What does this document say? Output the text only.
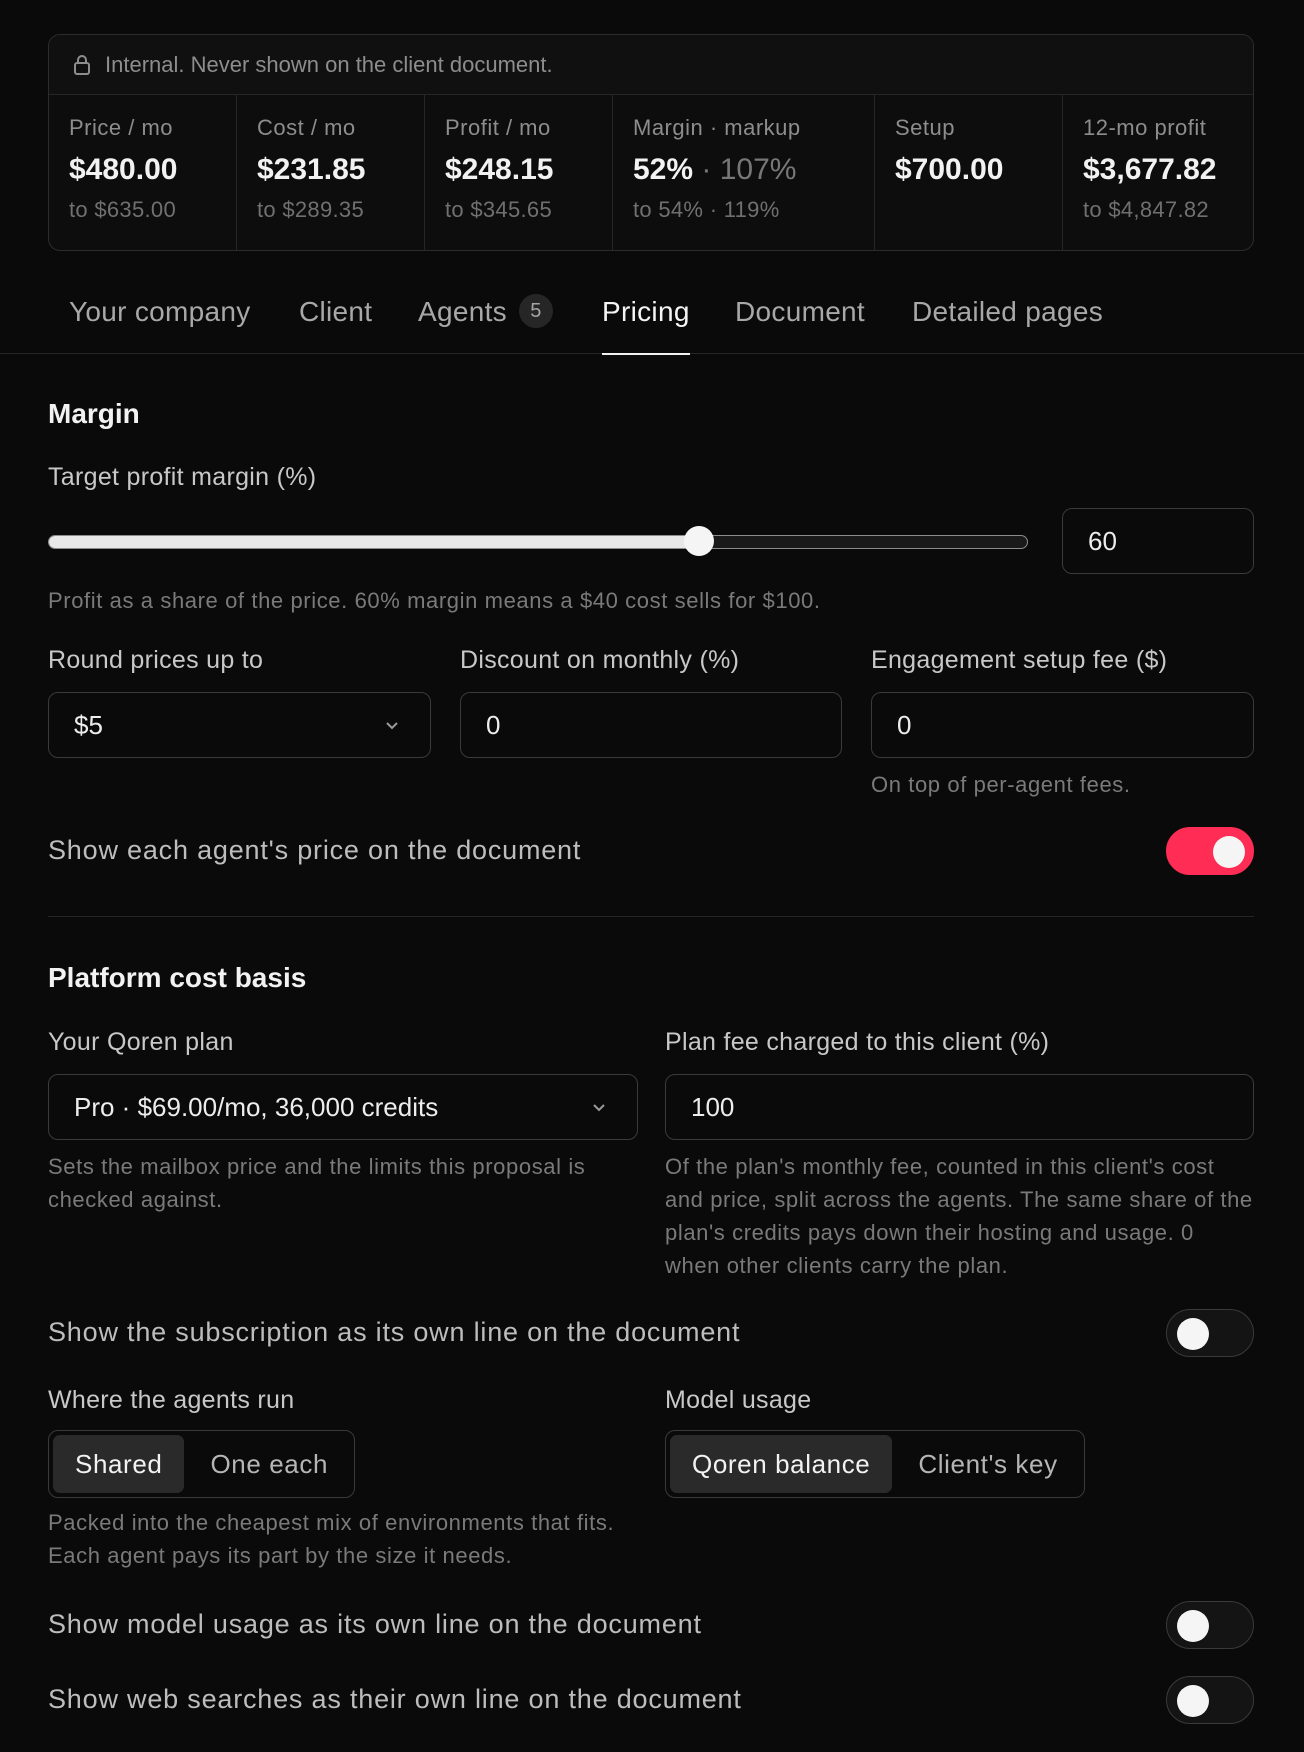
Internal. Never shown on the client document.
Price / mo
$480.00
to $635.00
Cost / mo
$231.85
to $289.35
Profit / mo
$248.15
to $345.65
Margin · markup
52% · 107%
to 54% · 119%
Setup
$700.00
12-mo profit
$3,677.82
to $4,847.82
Your company Client Agents	5	Pricing Document Detailed pages
Margin
Target profit margin (%)
60
Profit as a share of the price. 60% margin means a $40 cost sells for $100.
Round prices up to	Discount on monthly (%)	Engagement setup fee ($)
$5	0	0
On top of per-agent fees.
Show each agent's price on the document
Platform cost basis
Your Qoren plan	Plan fee charged to this client (%)
Pro · $69.00/mo, 36,000 credits	100
Sets the mailbox price and the limits this proposal is checked against.
Of the plan's monthly fee, counted in this client's cost and price, split across the agents. The same share of the plan's credits pays down their hosting and usage. 0 when other clients carry the plan.
Show the subscription as its own line on the document
Where the agents run	Model usage
Shared	One each	Qoren balance	Client's key
Packed into the cheapest mix of environments that fits. Each agent pays its part by the size it needs.
Show model usage as its own line on the document
Show web searches as their own line on the document
